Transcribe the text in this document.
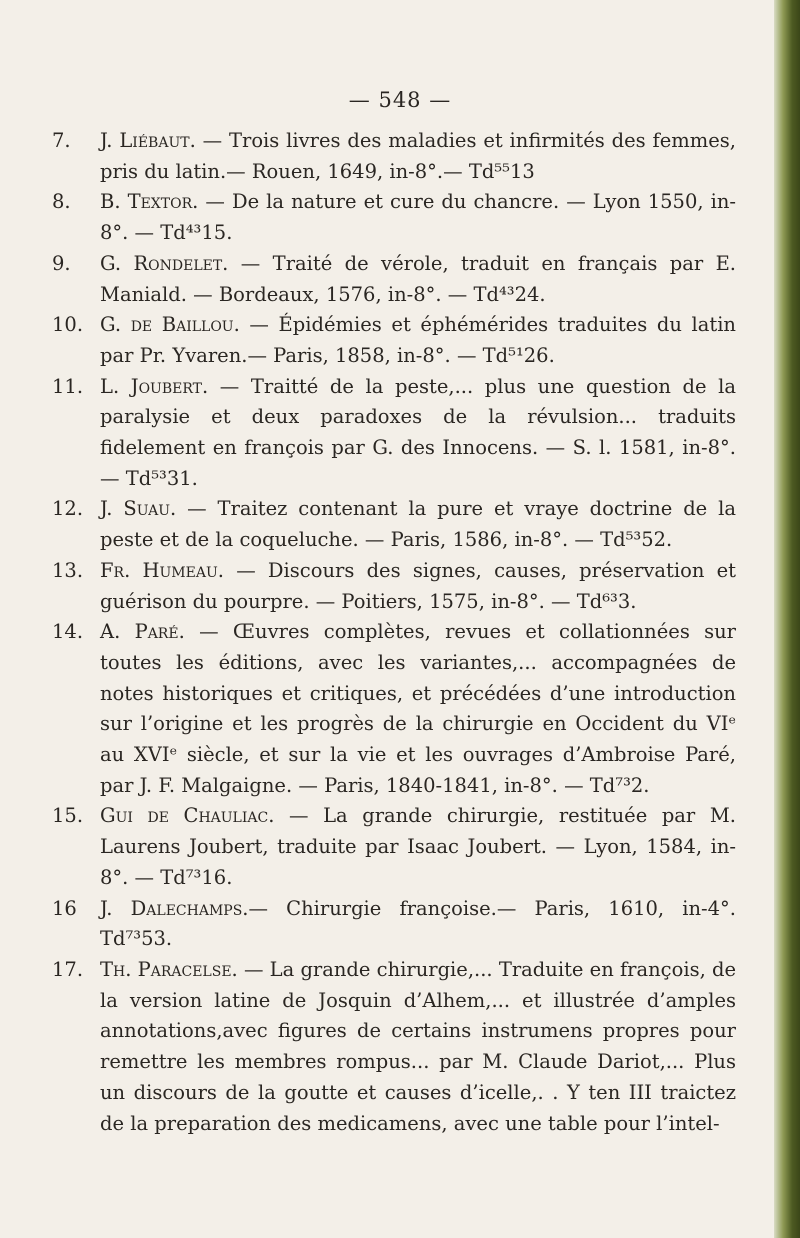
— 548 —
7.	J. Liébaut. — Trois livres des maladies et infirmités des femmes, pris du latin.— Rouen, 1649, in-8°.— Td⁵⁵13
8.	B. Textor. — De la nature et cure du chancre. — Lyon 1550, in-8°. — Td⁴³15.
9.	G. Rondelet. — Traité de vérole, traduit en français par E. Maniald. — Bordeaux, 1576, in-8°. — Td⁴³24.
10. G. de Baillou. — Épidémies et éphémérides traduites du latin par Pr. Yvaren.— Paris, 1858, in-8°. — Td⁵¹26.
11. L. Joubert. — Traitté de la peste,... plus une question de la paralysie et deux paradoxes de la révulsion... traduits fidelement en françois par G. des Innocens. — S. l. 1581, in-8°. — Td⁵³31.
12. J. Suau. — Traitez contenant la pure et vraye doctrine de la peste et de la coqueluche. — Paris, 1586, in-8°. — Td⁵³52.
13. Fr. Humeau. — Discours des signes, causes, préservation et guérison du pourpre. — Poitiers, 1575, in-8°. — Td⁶³3.
14. A. Paré. — Œuvres complètes, revues et collationnées sur toutes les éditions, avec les variantes,... accompagnées de notes historiques et critiques, et précédées d’une introduction sur l’origine et les progrès de la chirurgie en Occident du VIᵉ au XVIᵉ siècle, et sur la vie et les ouvrages d’Ambroise Paré, par J. F. Malgaigne. — Paris, 1840-1841, in-8°. — Td⁷³2.
15. Gui de Chauliac. — La grande chirurgie, restituée par M. Laurens Joubert, traduite par Isaac Joubert. — Lyon, 1584, in-8°. — Td⁷³16.
16	J. Dalechamps.— Chirurgie françoise.— Paris, 1610, in-4°. Td⁷³53.
17. Th. Paracelse. — La grande chirurgie,... Traduite en françois, de la version latine de Josquin d’Alhem,... et illustrée d’amples annotations,avec figures de certains instrumens propres pour remettre les membres rompus... par M. Claude Dariot,... Plus un discours de la goutte et causes d’icelle,. . Y ten III traictez de la preparation des medicamens, avec une table pour l’intel-
